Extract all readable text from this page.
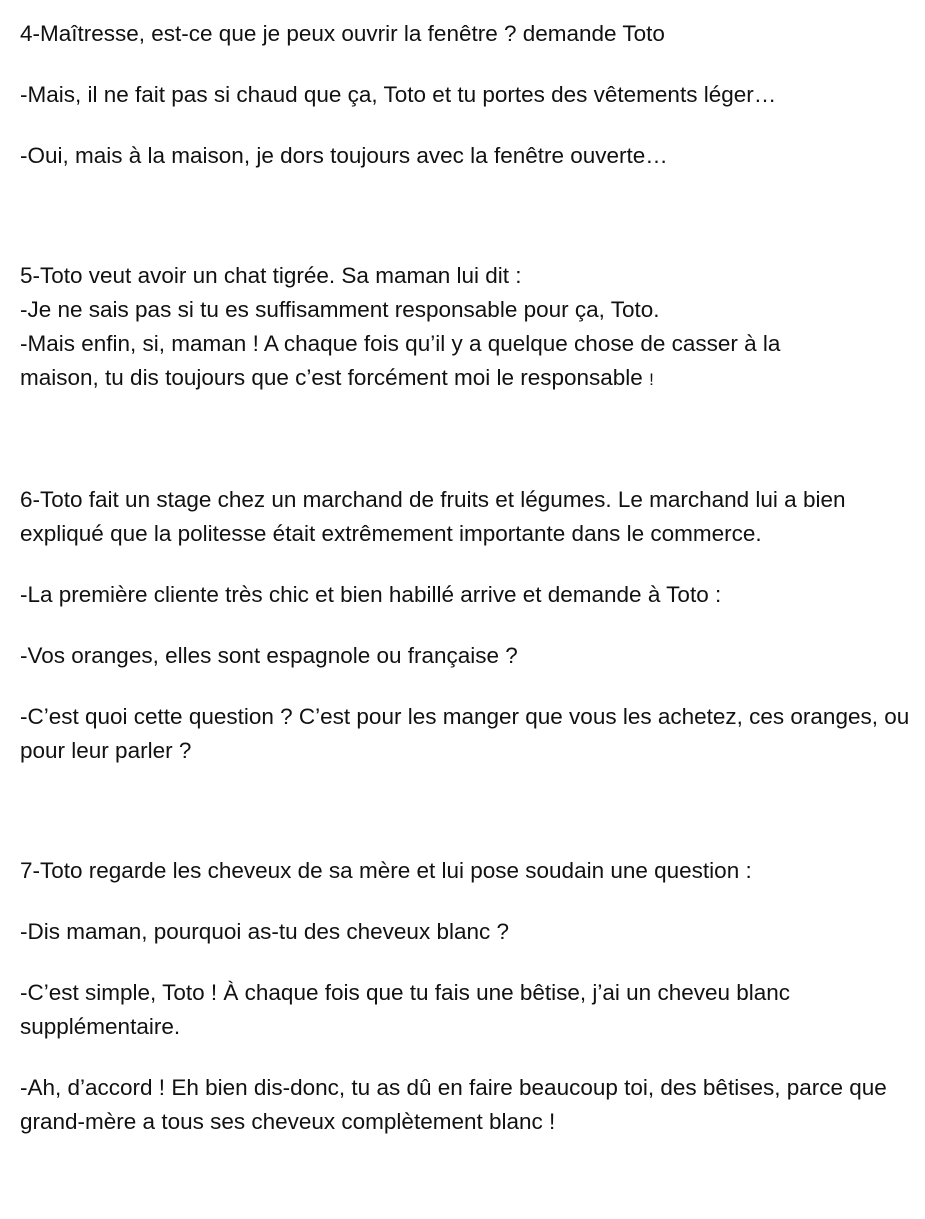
4-Maîtresse, est-ce que je peux ouvrir la fenêtre ? demande Toto

-Mais, il ne fait pas si chaud que ça, Toto et tu portes des vêtements léger…

-Oui, mais à la maison, je dors toujours avec la fenêtre ouverte…

5-Toto veut avoir un chat tigrée. Sa maman lui dit :

-Je ne sais pas si tu es suffisamment responsable pour ça, Toto.

-Mais enfin, si, maman ! A chaque fois qu’il y a quelque chose de casser à la

maison, tu dis toujours que c’est forcément moi le responsable !

6-Toto fait un stage chez un marchand de fruits et légumes. Le marchand lui a bien expliqué que la politesse était extrêmement importante dans le commerce.

-La première cliente très chic et bien habillé arrive et demande à Toto :

-Vos oranges, elles sont espagnole ou française ?

-C’est quoi cette question ? C’est pour les manger que vous les achetez, ces oranges, ou pour leur parler ?

7-Toto regarde les cheveux de sa mère et lui pose soudain une question :

-Dis maman, pourquoi as-tu des cheveux blanc ?

-C’est simple, Toto ! À chaque fois que tu fais une bêtise, j’ai un cheveu blanc supplémentaire.

-Ah, d’accord ! Eh bien dis-donc, tu as dû en faire beaucoup toi, des bêtises, parce que grand-mère a tous ses cheveux complètement blanc !
